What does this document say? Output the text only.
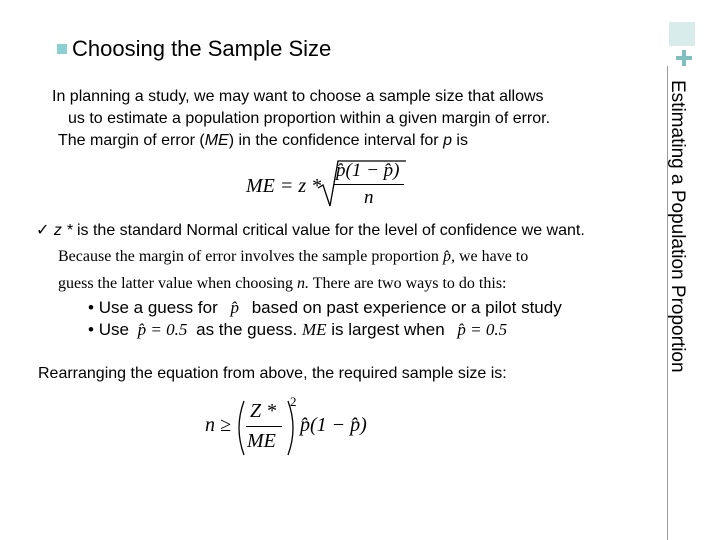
Estimating a Population Proportion
Choosing the Sample Size
In planning a study, we may want to choose a sample size that allows
us to estimate a population proportion within a given margin of error.
The margin of error (ME) in the confidence interval for p is
ME = z *
p̂(1 − p̂)
n
✓ z * is the standard Normal critical value for the level of confidence we want.
Because the margin of error involves the sample proportion p̂, we have to
guess the latter value when choosing n. There are two ways to do this:
• Use a guess for p̂ based on past experience or a pilot study
• Use p̂ = 0.5 as the guess. ME is largest when p̂ = 0.5
Rearranging the equation from above, the required sample size is:
n ≥
Z *
ME
2
p̂(1 − p̂)
